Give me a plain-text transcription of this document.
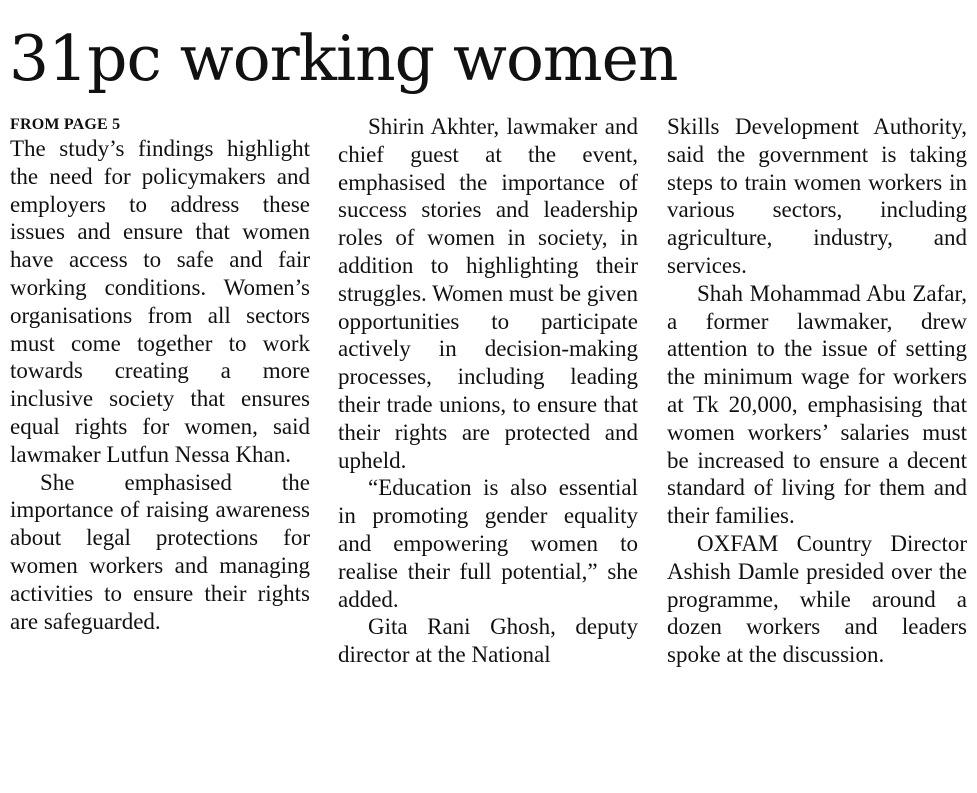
31pc working women
FROM PAGE 5

The study’s findings highlight the need for policymakers and employers to address these issues and ensure that women have access to safe and fair working conditions. Women’s organisations from all sectors must come together to work towards creating a more inclusive society that ensures equal rights for women, said lawmaker Lutfun Nessa Khan.

She emphasised the importance of raising awareness about legal protections for women workers and managing activities to ensure their rights are safeguarded.

Shirin Akhter, lawmaker and chief guest at the event, emphasised the importance of success stories and leadership roles of women in society, in addition to highlighting their struggles. Women must be given opportunities to participate actively in decision-making processes, including leading their trade unions, to ensure that their rights are protected and upheld.

“Education is also essential in promoting gender equality and empowering women to realise their full potential,” she added.

Gita Rani Ghosh, deputy director at the National

Skills Development Authority, said the government is taking steps to train women workers in various sectors, including agriculture, industry, and services.

Shah Mohammad Abu Zafar, a former lawmaker, drew attention to the issue of setting the minimum wage for workers at Tk 20,000, emphasising that women workers’ salaries must be increased to ensure a decent standard of living for them and their families.

OXFAM Country Director Ashish Damle presided over the programme, while around a dozen workers and leaders spoke at the discussion.
